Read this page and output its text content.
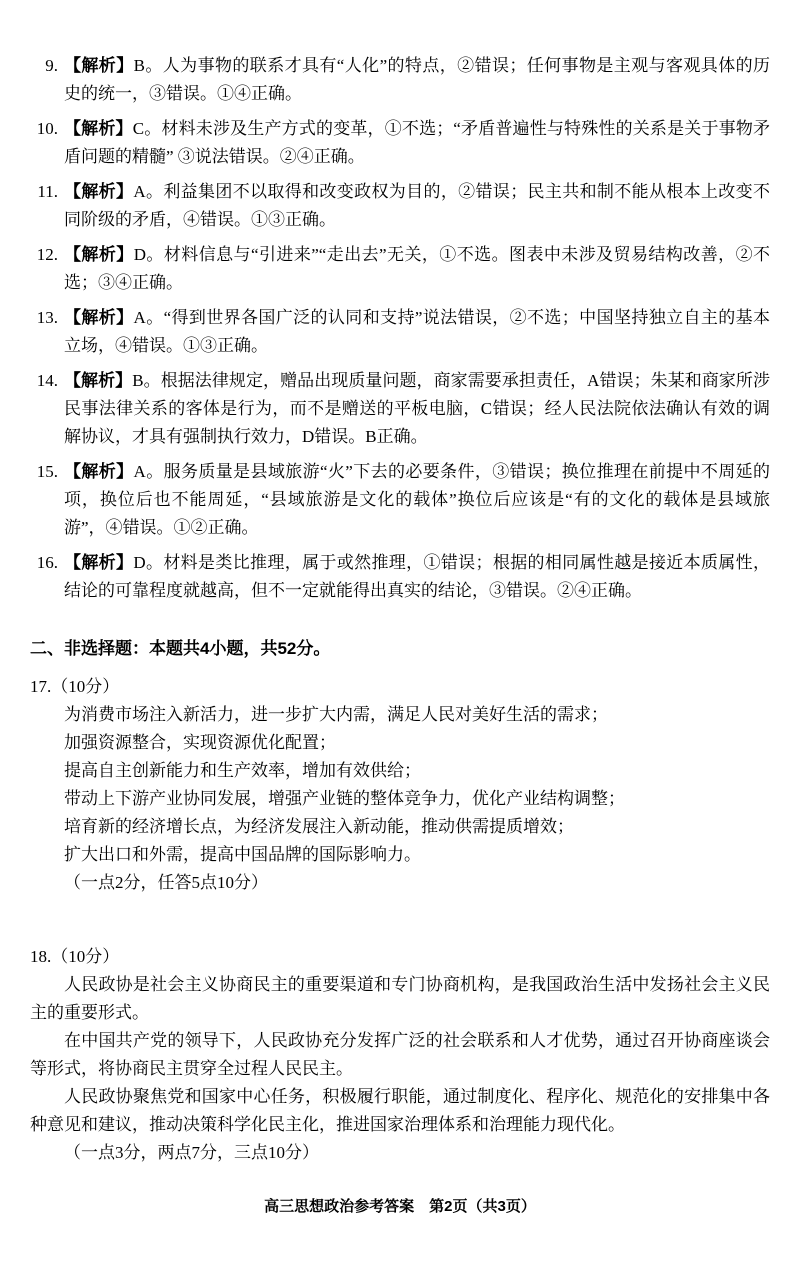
9. 【解析】B。人为事物的联系才具有“人化”的特点，②错误；任何事物是主观与客观具体的历史的统一，③错误。①④正确。
10. 【解析】C。材料未涉及生产方式的变革，①不选；“矛盾普遍性与特殊性的关系是关于事物矛盾问题的精髓” ③说法错误。②④正确。
11. 【解析】A。利益集团不以取得和改变政权为目的，②错误；民主共和制不能从根本上改变不同阶级的矛盾，④错误。①③正确。
12. 【解析】D。材料信息与“引进来”“走出去”无关，①不选。图表中未涉及贸易结构改善，②不选；③④正确。
13. 【解析】A。“得到世界各国广泛的认同和支持”说法错误，②不选；中国坚持独立自主的基本立场，④错误。①③正确。
14. 【解析】B。根据法律规定，赠品出现质量问题，商家需要承担责任，A错误；朱某和商家所涉民事法律关系的客体是行为，而不是赠送的平板电脑，C错误；经人民法院依法确认有效的调解协议，才具有强制执行效力，D错误。B正确。
15. 【解析】A。服务质量是县域旅游“火”下去的必要条件，③错误；换位推理在前提中不周延的项，换位后也不能周延，“县域旅游是文化的载体”换位后应该是“有的文化的载体是县域旅游”，④错误。①②正确。
16. 【解析】D。材料是类比推理，属于或然推理，①错误；根据的相同属性越是接近本质属性，结论的可靠程度就越高，但不一定就能得出真实的结论，③错误。②④正确。
二、非选择题：本题共4小题，共52分。
17.（10分）
为消费市场注入新活力，进一步扩大内需，满足人民对美好生活的需求；
加强资源整合，实现资源优化配置；
提高自主创新能力和生产效率，增加有效供给；
带动上下游产业协同发展，增强产业链的整体竞争力，优化产业结构调整；
培育新的经济增长点，为经济发展注入新动能，推动供需提质增效；
扩大出口和外需，提高中国品牌的国际影响力。
（一点2分，任答5点10分）
18.（10分）

人民政协是社会主义协商民主的重要渠道和专门协商机构，是我国政治生活中发扬社会主义民主的重要形式。

在中国共产党的领导下，人民政协充分发挥广泛的社会联系和人才优势，通过召开协商座谈会等形式，将协商民主贯穿全过程人民民主。

人民政协聚焦党和国家中心任务，积极履行职能，通过制度化、程序化、规范化的安排集中各种意见和建议，推动决策科学化民主化，推进国家治理体系和治理能力现代化。

（一点3分，两点7分，三点10分）
高三思想政治参考答案　第2页（共3页）
